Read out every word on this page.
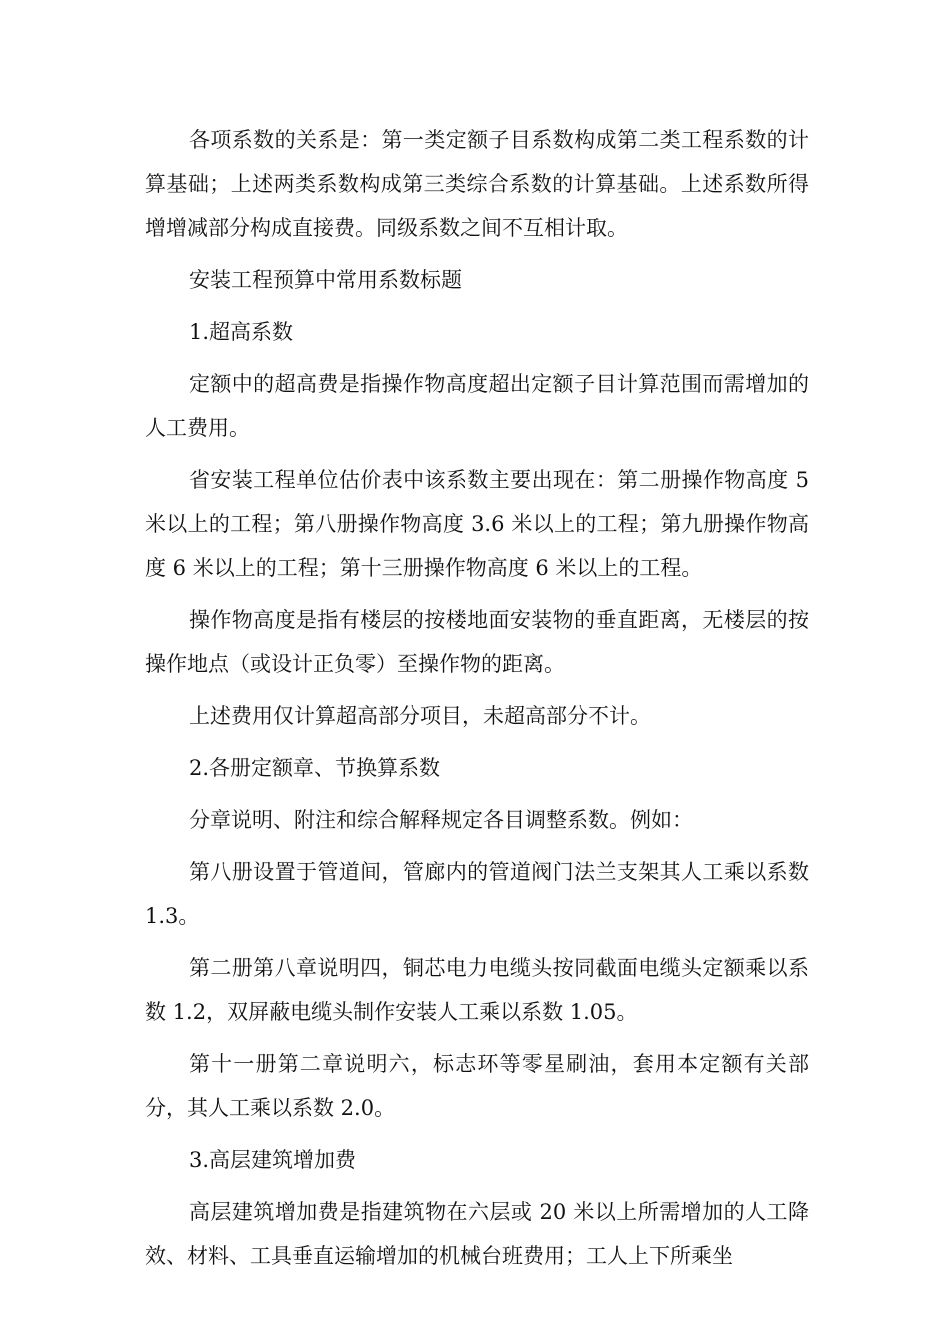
各项系数的关系是：第一类定额子目系数构成第二类工程系数的计算基础；上述两类系数构成第三类综合系数的计算基础。上述系数所得增增减部分构成直接费。同级系数之间不互相计取。

安装工程预算中常用系数标题

1.超高系数

定额中的超高费是指操作物高度超出定额子目计算范围而需增加的人工费用。

省安装工程单位估价表中该系数主要出现在：第二册操作物高度 5 米以上的工程；第八册操作物高度 3.6 米以上的工程；第九册操作物高度 6 米以上的工程；第十三册操作物高度 6 米以上的工程。

操作物高度是指有楼层的按楼地面安装物的垂直距离，无楼层的按操作地点（或设计正负零）至操作物的距离。

上述费用仅计算超高部分项目，未超高部分不计。

2.各册定额章、节换算系数

分章说明、附注和综合解释规定各目调整系数。例如：

第八册设置于管道间，管廊内的管道阀门法兰支架其人工乘以系数 1.3。

第二册第八章说明四，铜芯电力电缆头按同截面电缆头定额乘以系数 1.2，双屏蔽电缆头制作安装人工乘以系数 1.05。

第十一册第二章说明六，标志环等零星刷油，套用本定额有关部分，其人工乘以系数 2.0。

3.高层建筑增加费

高层建筑增加费是指建筑物在六层或 20 米以上所需增加的人工降效、材料、工具垂直运输增加的机械台班费用；工人上下所乘坐
